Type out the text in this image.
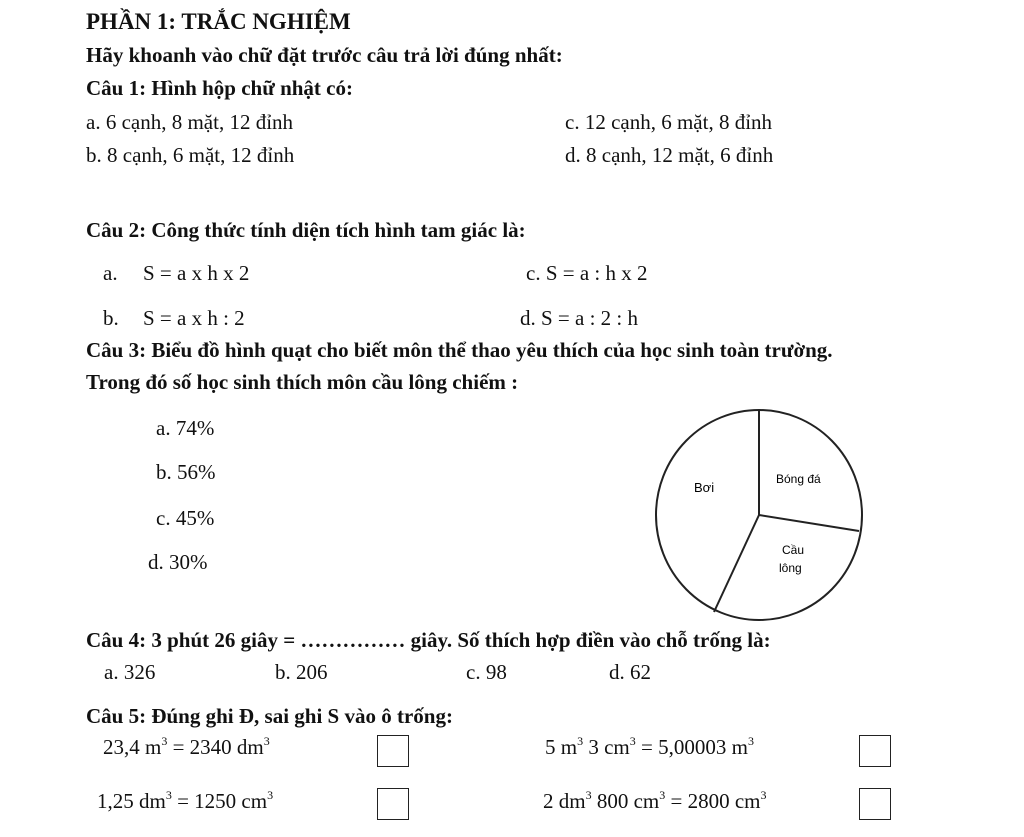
PHẦN 1: TRẮC NGHIỆM
Hãy khoanh vào chữ đặt trước câu trả lời đúng nhất:
Câu 1: Hình hộp chữ nhật có:
a. 6 cạnh, 8 mặt, 12 đỉnh	c. 12 cạnh, 6 mặt, 8 đỉnh
b. 8 cạnh, 6 mặt, 12 đỉnh	d. 8 cạnh, 12 mặt, 6 đỉnh
Câu 2: Công thức tính diện tích hình tam giác là:
a. S = a x h x 2	c. S = a : h x 2
b. S = a x h : 2	d. S = a : 2 : h
Câu 3: Biểu đồ hình quạt cho biết môn thể thao yêu thích của học sinh toàn trường.
Trong đó số học sinh thích môn cầu lông chiếm :
a. 74%
b. 56%
c. 45%
d. 30%
Bơi
Bóng đá
Cầu
lông
Câu 4: 3 phút 26 giây = …………… giây. Số thích hợp điền vào chỗ trống là:
a. 326	b. 206	c. 98	d. 62
Câu 5: Đúng ghi Đ, sai ghi S vào ô trống:
23,4 $m^3 = 2340$ $dm^3$	5 $m^3$ 3 $cm^3 = 5,00003$ $m^3$
1,25 $dm^3 = 1250$ $cm^3$	2 $dm^3$ 800 $cm^3 = 2800$ $cm^3$
